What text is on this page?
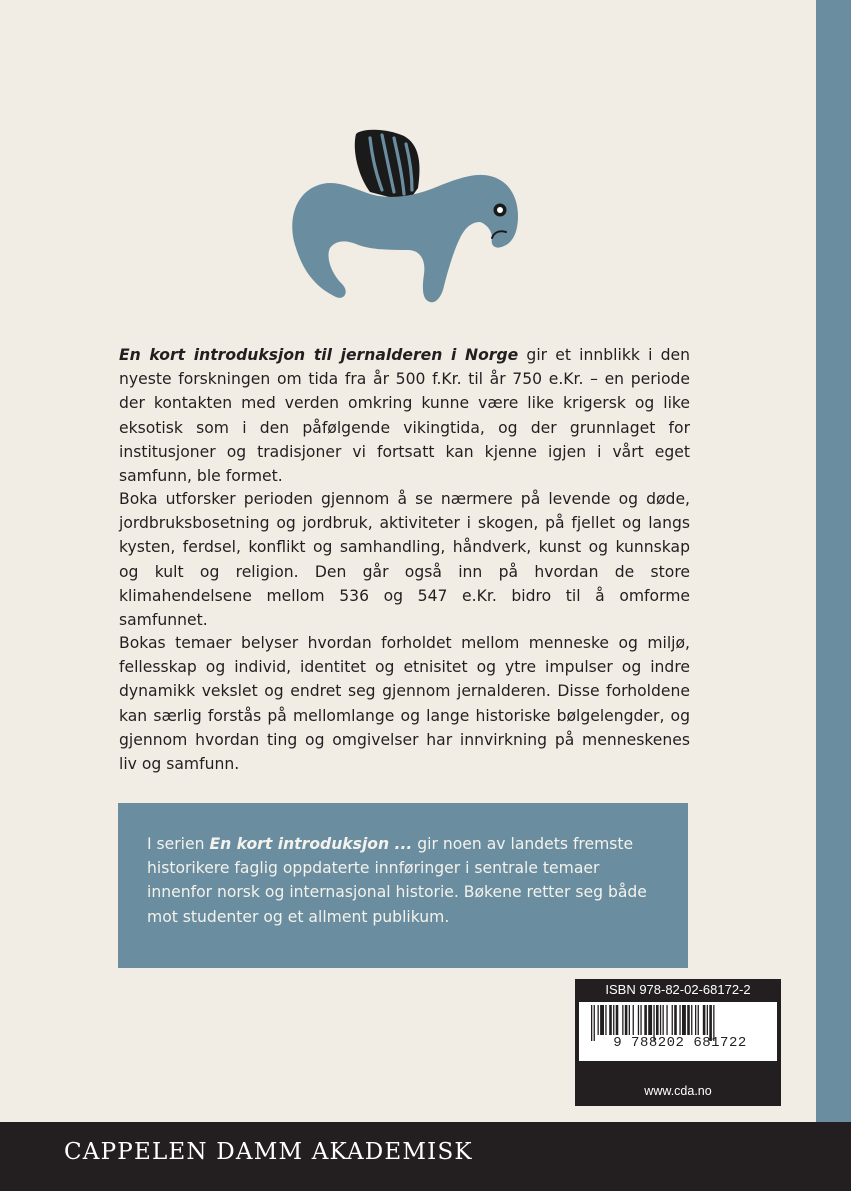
En kort introduksjon til jernalderen i Norge gir et innblikk i den nyeste forskningen om tida fra år 500 f.Kr. til år 750 e.Kr. – en periode der kontakten med verden omkring kunne være like krigersk og like eksotisk som i den påfølgende vikingtida, og der grunnlaget for institusjoner og tradisjoner vi fortsatt kan kjenne igjen i vårt eget samfunn, ble formet.

Boka utforsker perioden gjennom å se nærmere på levende og døde, jordbruksbosetning og jordbruk, aktiviteter i skogen, på fjellet og langs kysten, ferdsel, konflikt og samhandling, håndverk, kunst og kunnskap og kult og religion. Den går også inn på hvordan de store klimahendelsene mellom 536 og 547 e.Kr. bidro til å omforme samfunnet.

Bokas temaer belyser hvordan forholdet mellom menneske og miljø, fellesskap og individ, identitet og etnisitet og ytre impulser og indre dynamikk vekslet og endret seg gjennom jernalderen. Disse forholdene kan særlig forstås på mellomlange og lange historiske bølgelengder, og gjennom hvordan ting og omgivelser har innvirkning på menneskenes liv og samfunn.

I serien En kort introduksjon ... gir noen av landets fremste historikere faglig oppdaterte innføringer i sentrale temaer innenfor norsk og internasjonal historie. Bøkene retter seg både mot studenter og et allment publikum.

ISBN 978-82-02-68172-2
9 788202 681722
www.cda.no
CAPPELEN DAMM AKADEMISK
